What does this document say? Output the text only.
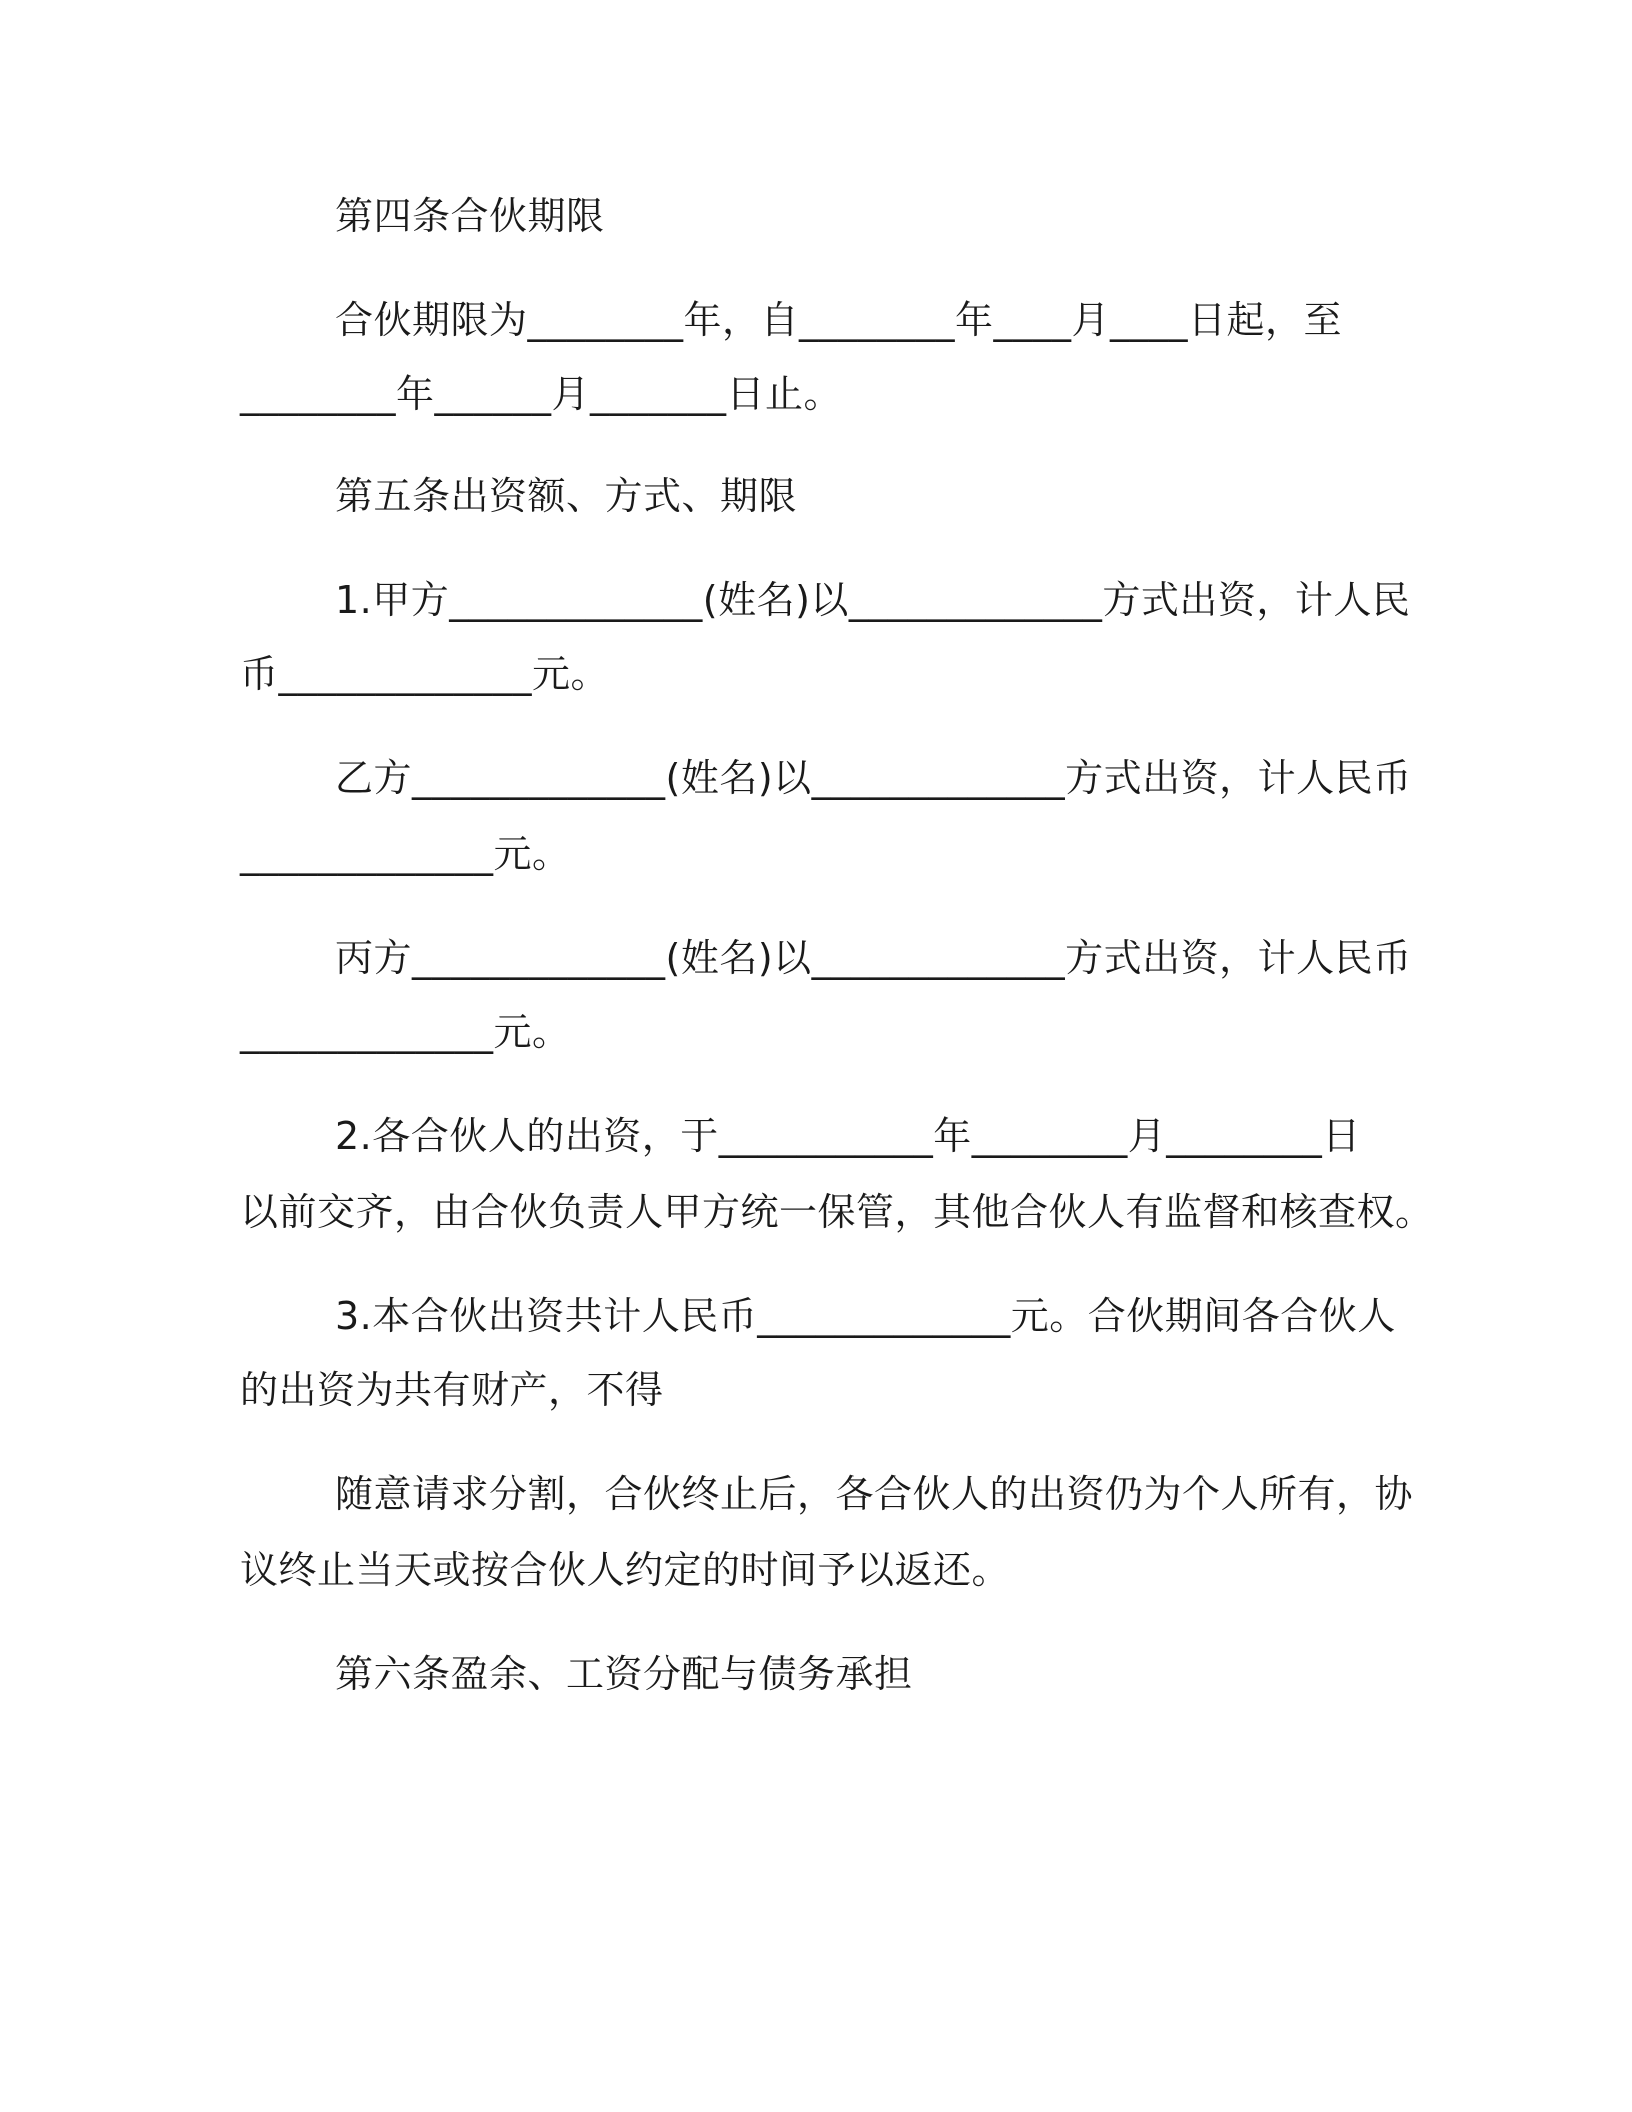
第四条合伙期限
合伙期限为________年，自________年____月____日起，至
________年______月_______日止。
第五条出资额、方式、期限
1.甲方_____________(姓名)以_____________方式出资，计人民
币_____________元。
乙方_____________(姓名)以_____________方式出资，计人民币
_____________元。
丙方_____________(姓名)以_____________方式出资，计人民币
_____________元。
2.各合伙人的出资，于___________年________月________日
以前交齐，由合伙负责人甲方统一保管，其他合伙人有监督和核查权。
3.本合伙出资共计人民币_____________元。合伙期间各合伙人
的出资为共有财产，不得
随意请求分割，合伙终止后，各合伙人的出资仍为个人所有，协
议终止当天或按合伙人约定的时间予以返还。
第六条盈余、工资分配与债务承担
